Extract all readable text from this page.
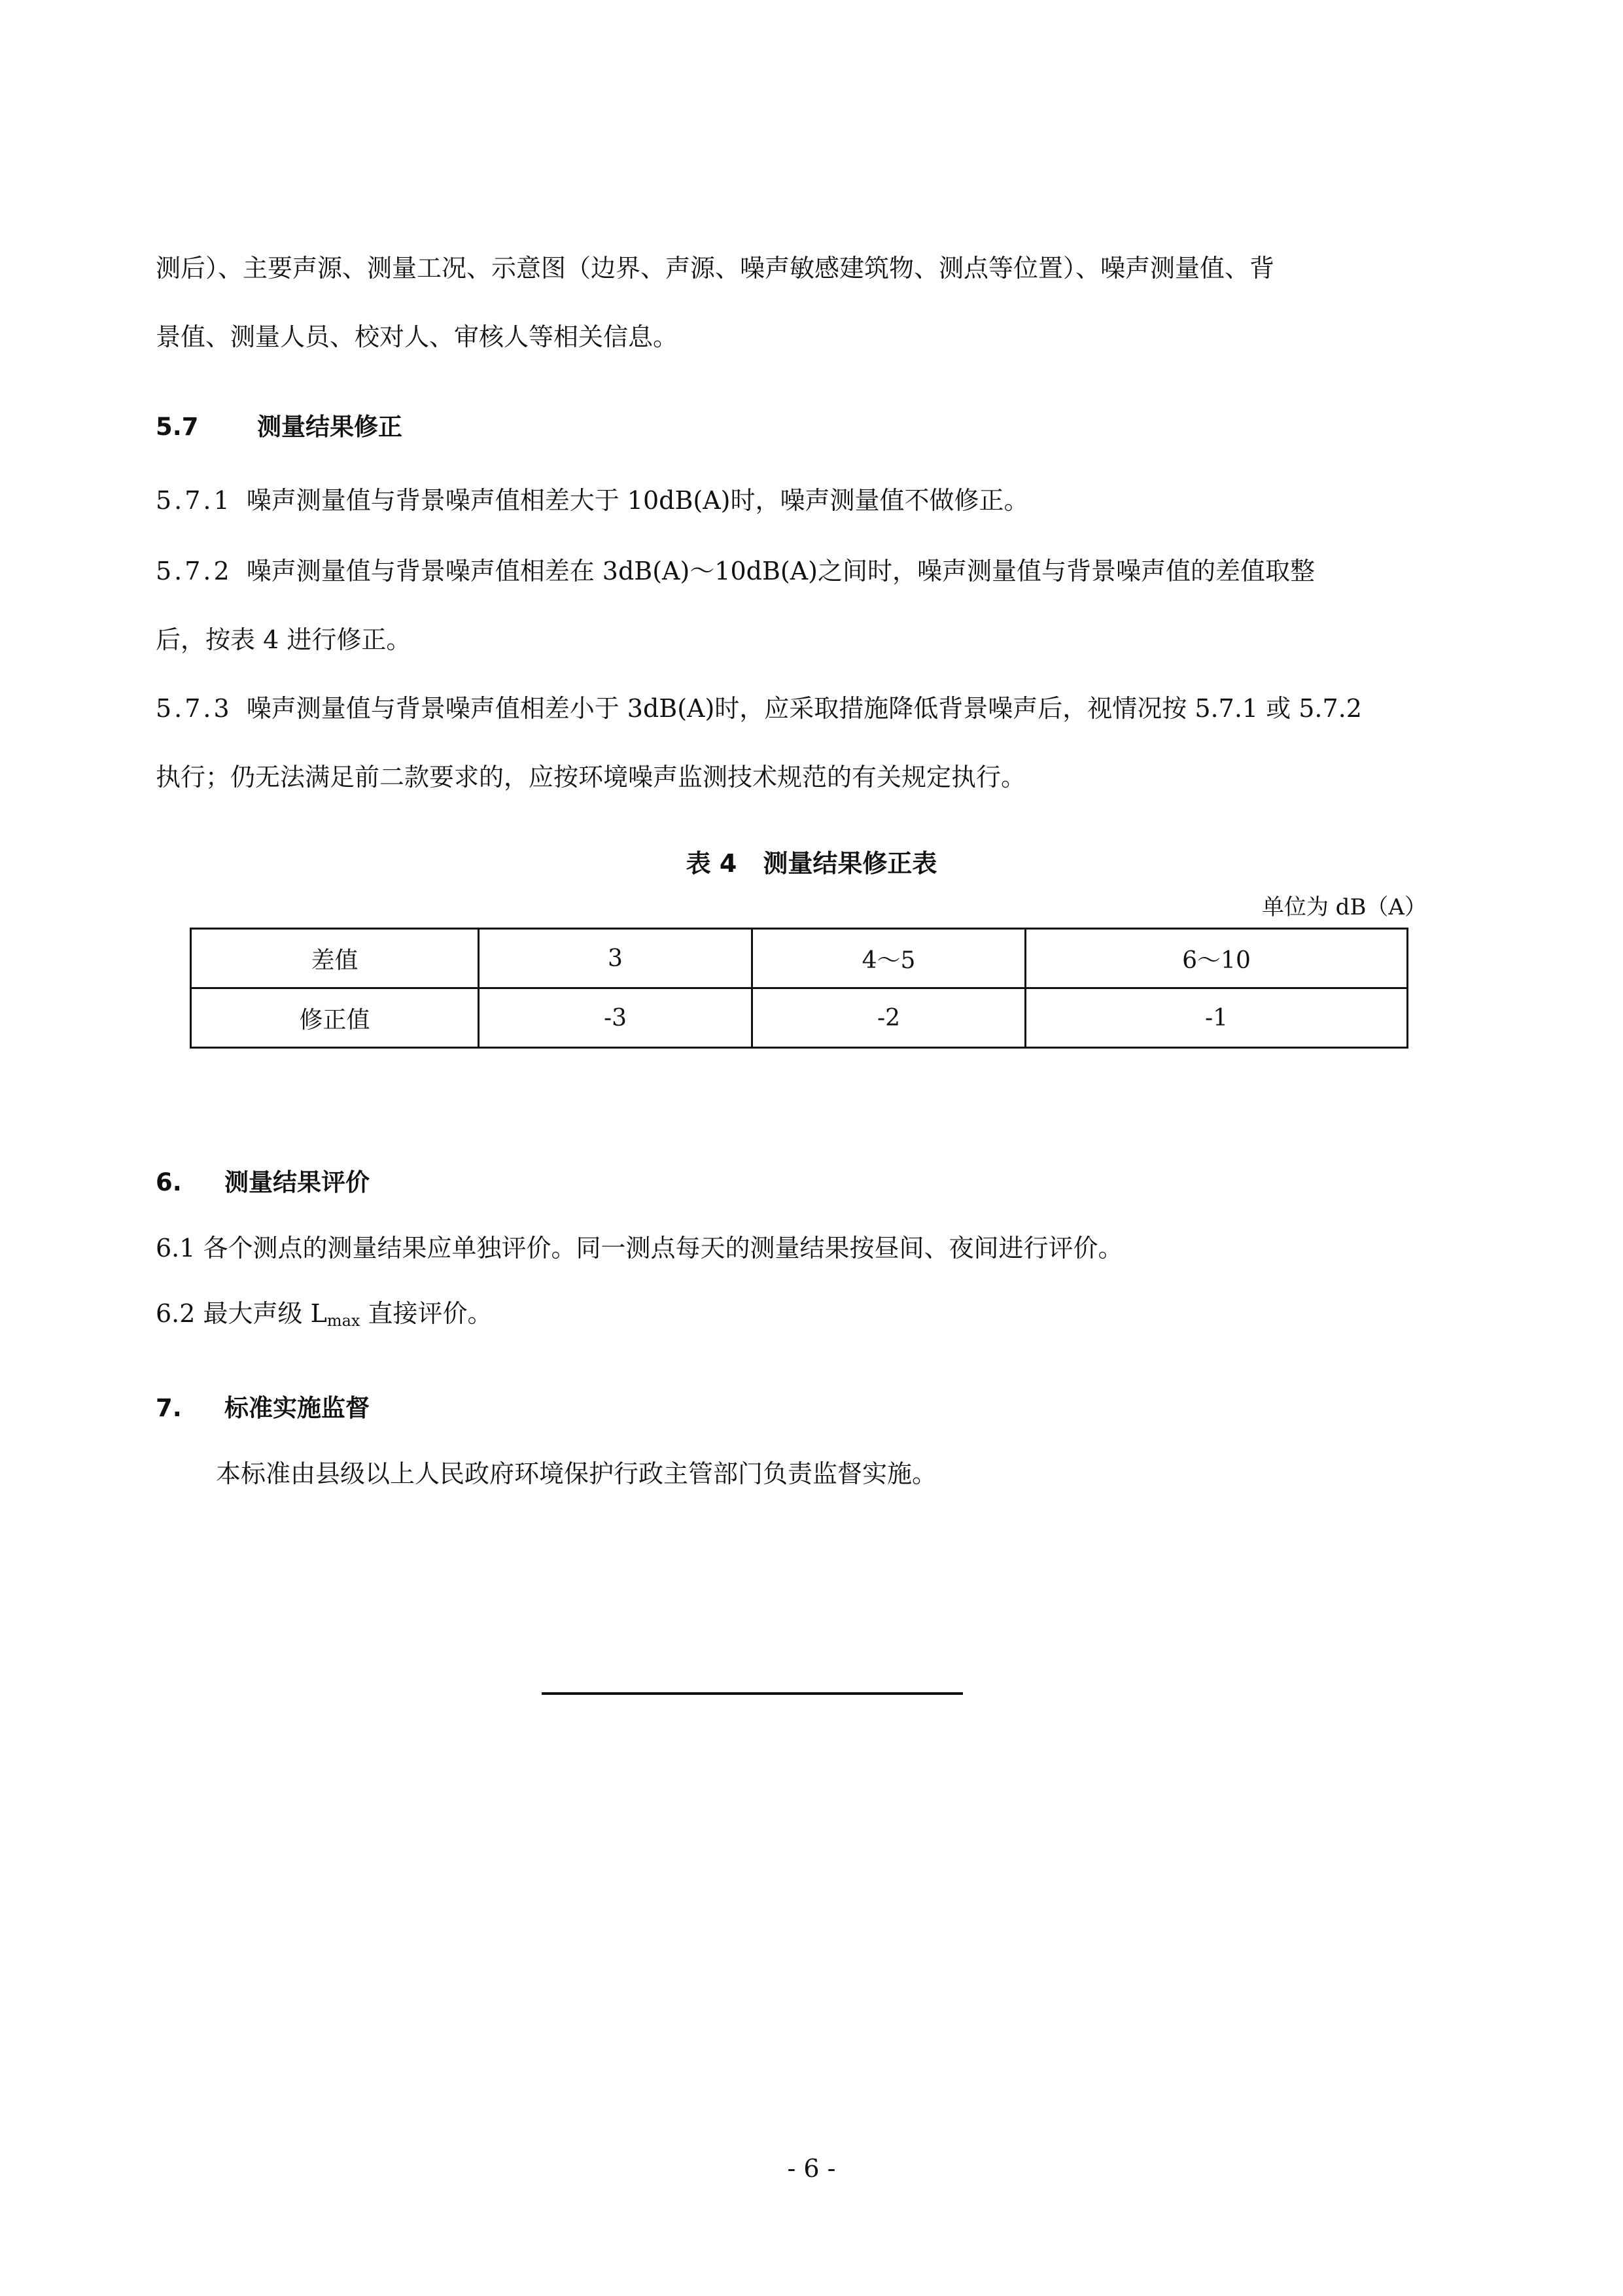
测后）、主要声源、测量工况、示意图（边界、声源、噪声敏感建筑物、测点等位置）、噪声测量值、背
景值、测量人员、校对人、审核人等相关信息。
5.7 测量结果修正
5.7.1 噪声测量值与背景噪声值相差大于 10dB(A)时，噪声测量值不做修正。
5.7.2 噪声测量值与背景噪声值相差在 3dB(A)～10dB(A)之间时，噪声测量值与背景噪声值的差值取整
后，按表 4 进行修正。
5.7.3 噪声测量值与背景噪声值相差小于 3dB(A)时，应采取措施降低背景噪声后，视情况按 5.7.1 或 5.7.2
执行；仍无法满足前二款要求的，应按环境噪声监测技术规范的有关规定执行。
表 4 测量结果修正表
单位为 dB（A）
差值	3	4～5	6～10
修正值	-3	-2	-1
6. 测量结果评价
6.1 各个测点的测量结果应单独评价。同一测点每天的测量结果按昼间、夜间进行评价。
6.2 最大声级 $L_{max}$ 直接评价。
7. 标准实施监督
本标准由县级以上人民政府环境保护行政主管部门负责监督实施。
- 6 -
